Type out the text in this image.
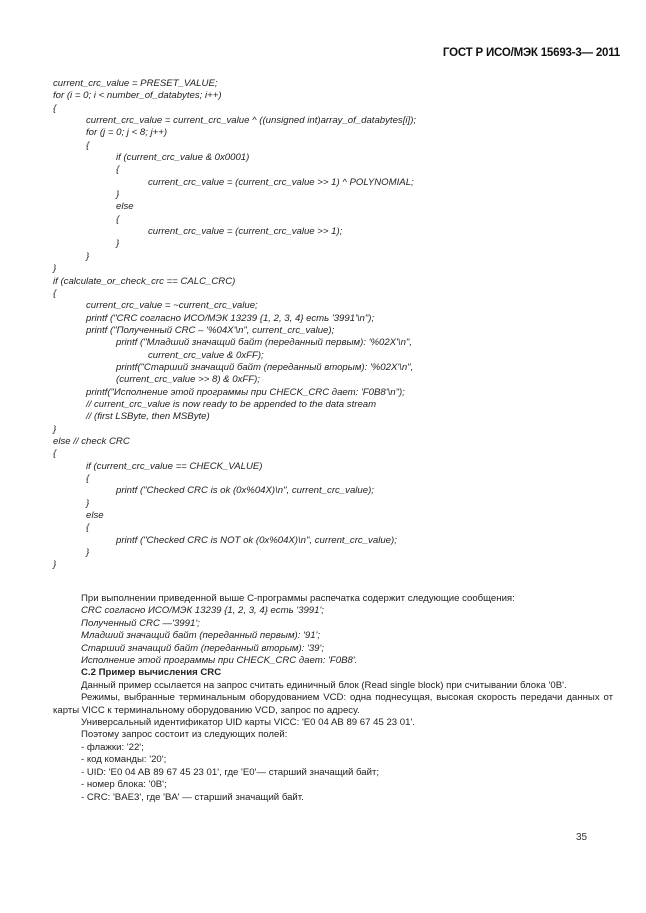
ГОСТ Р ИСО/МЭК 15693-3— 2011
current_crc_value = PRESET_VALUE;
for (i = 0; i < number_of_databytes; i++)
{
current_crc_value = current_crc_value ^ ((unsigned int)array_of_databytes[i]);
for (j = 0; j < 8; j++)
{
if (current_crc_value & 0x0001)
{
current_crc_value = (current_crc_value >> 1) ^ POLYNOMIAL;
}
else
{
current_crc_value = (current_crc_value >> 1);
}
}
}
if (calculate_or_check_crc == CALC_CRC)
{
current_crc_value = ~current_crc_value;
printf ("CRC согласно ИСО/МЭК 13239 {1, 2, 3, 4} есть '3991'\n");
printf ("Полученный CRC – '%04X'\n", current_crc_value);
printf ("Младший значащий байт (переданный первым): '%02X'\n",
current_crc_value & 0xFF);
printf("Старший значащий байт (переданный вторым): '%02X'\n",
(current_crc_value >> 8) & 0xFF);
printf("Исполнение этой программы при CHECK_CRC дает: 'F0B8'\n");
// current_crc_value is now ready to be appended to the data stream
// (first LSByte, then MSByte)
}
else // check CRC
{
if (current_crc_value == CHECK_VALUE)
{
printf ("Checked CRC is ok (0x%04X)\n", current_crc_value);
}
else
{
printf ("Checked CRC is NOT ok (0x%04X)\n", current_crc_value);
}
}
При выполнении приведенной выше С-программы распечатка содержит следующие сообщения:
CRC согласно ИСО/МЭК 13239 {1, 2, 3, 4} есть '3991';
Полученный CRC —'3991';
Младший значащий байт (переданный первым): '91';
Старший значащий байт (переданный вторым): '39';
Исполнение этой программы при CHECK_CRC дает: 'F0B8'.
С.2 Пример вычисления CRC
Данный пример ссылается на запрос считать единичный блок (Read single block) при считывании блока '0B'.
Режимы, выбранные терминальным оборудованием VCD: одна поднесущая, высокая скорость передачи данных от карты VICC к терминальному оборудованию VCD, запрос по адресу.
Универсальный идентификатор UID карты VICC: 'E0 04 AB 89 67 45 23 01'.
Поэтому запрос состоит из следующих полей:
- флажки: '22';
- код команды: '20';
- UID: 'E0 04 AB 89 67 45 23 01', где 'E0'— старший значащий байт;
- номер блока: '0B';
- CRC: 'BAE3', где 'BA' — старший значащий байт.
35
